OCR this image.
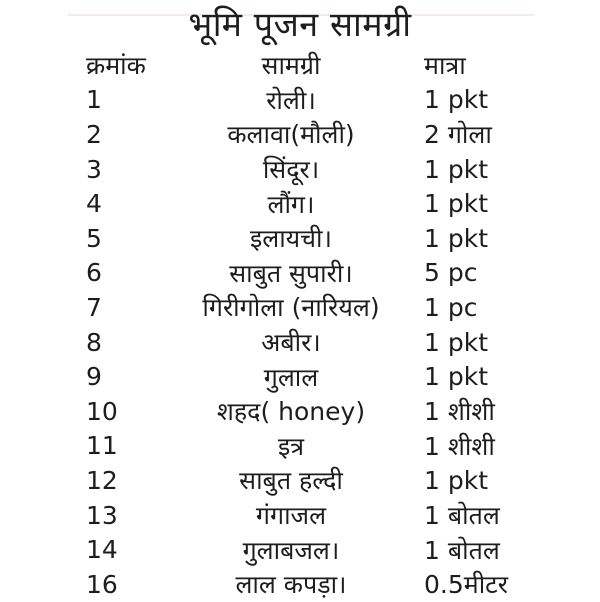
भूमि पूजन सामग्री
क्रमांक	सामग्री	मात्रा
1	रोली।	1 pkt
2	कलावा(मौली)	2 गोला
3	सिंदूर।	1 pkt
4	लौंग।	1 pkt
5	इलायची।	1 pkt
6	साबुत सुपारी।	5 pc
7	गिरीगोला (नारियल)	1 pc
8	अबीर।	1 pkt
9	गुलाल	1 pkt
10	शहद( honey)	1 शीशी
11	इत्र	1 शीशी
12	साबुत हल्दी	1 pkt
13	गंगाजल	1 बोतल
14	गुलाबजल।	1 बोतल
16	लाल कपड़ा।	0.5मीटर
